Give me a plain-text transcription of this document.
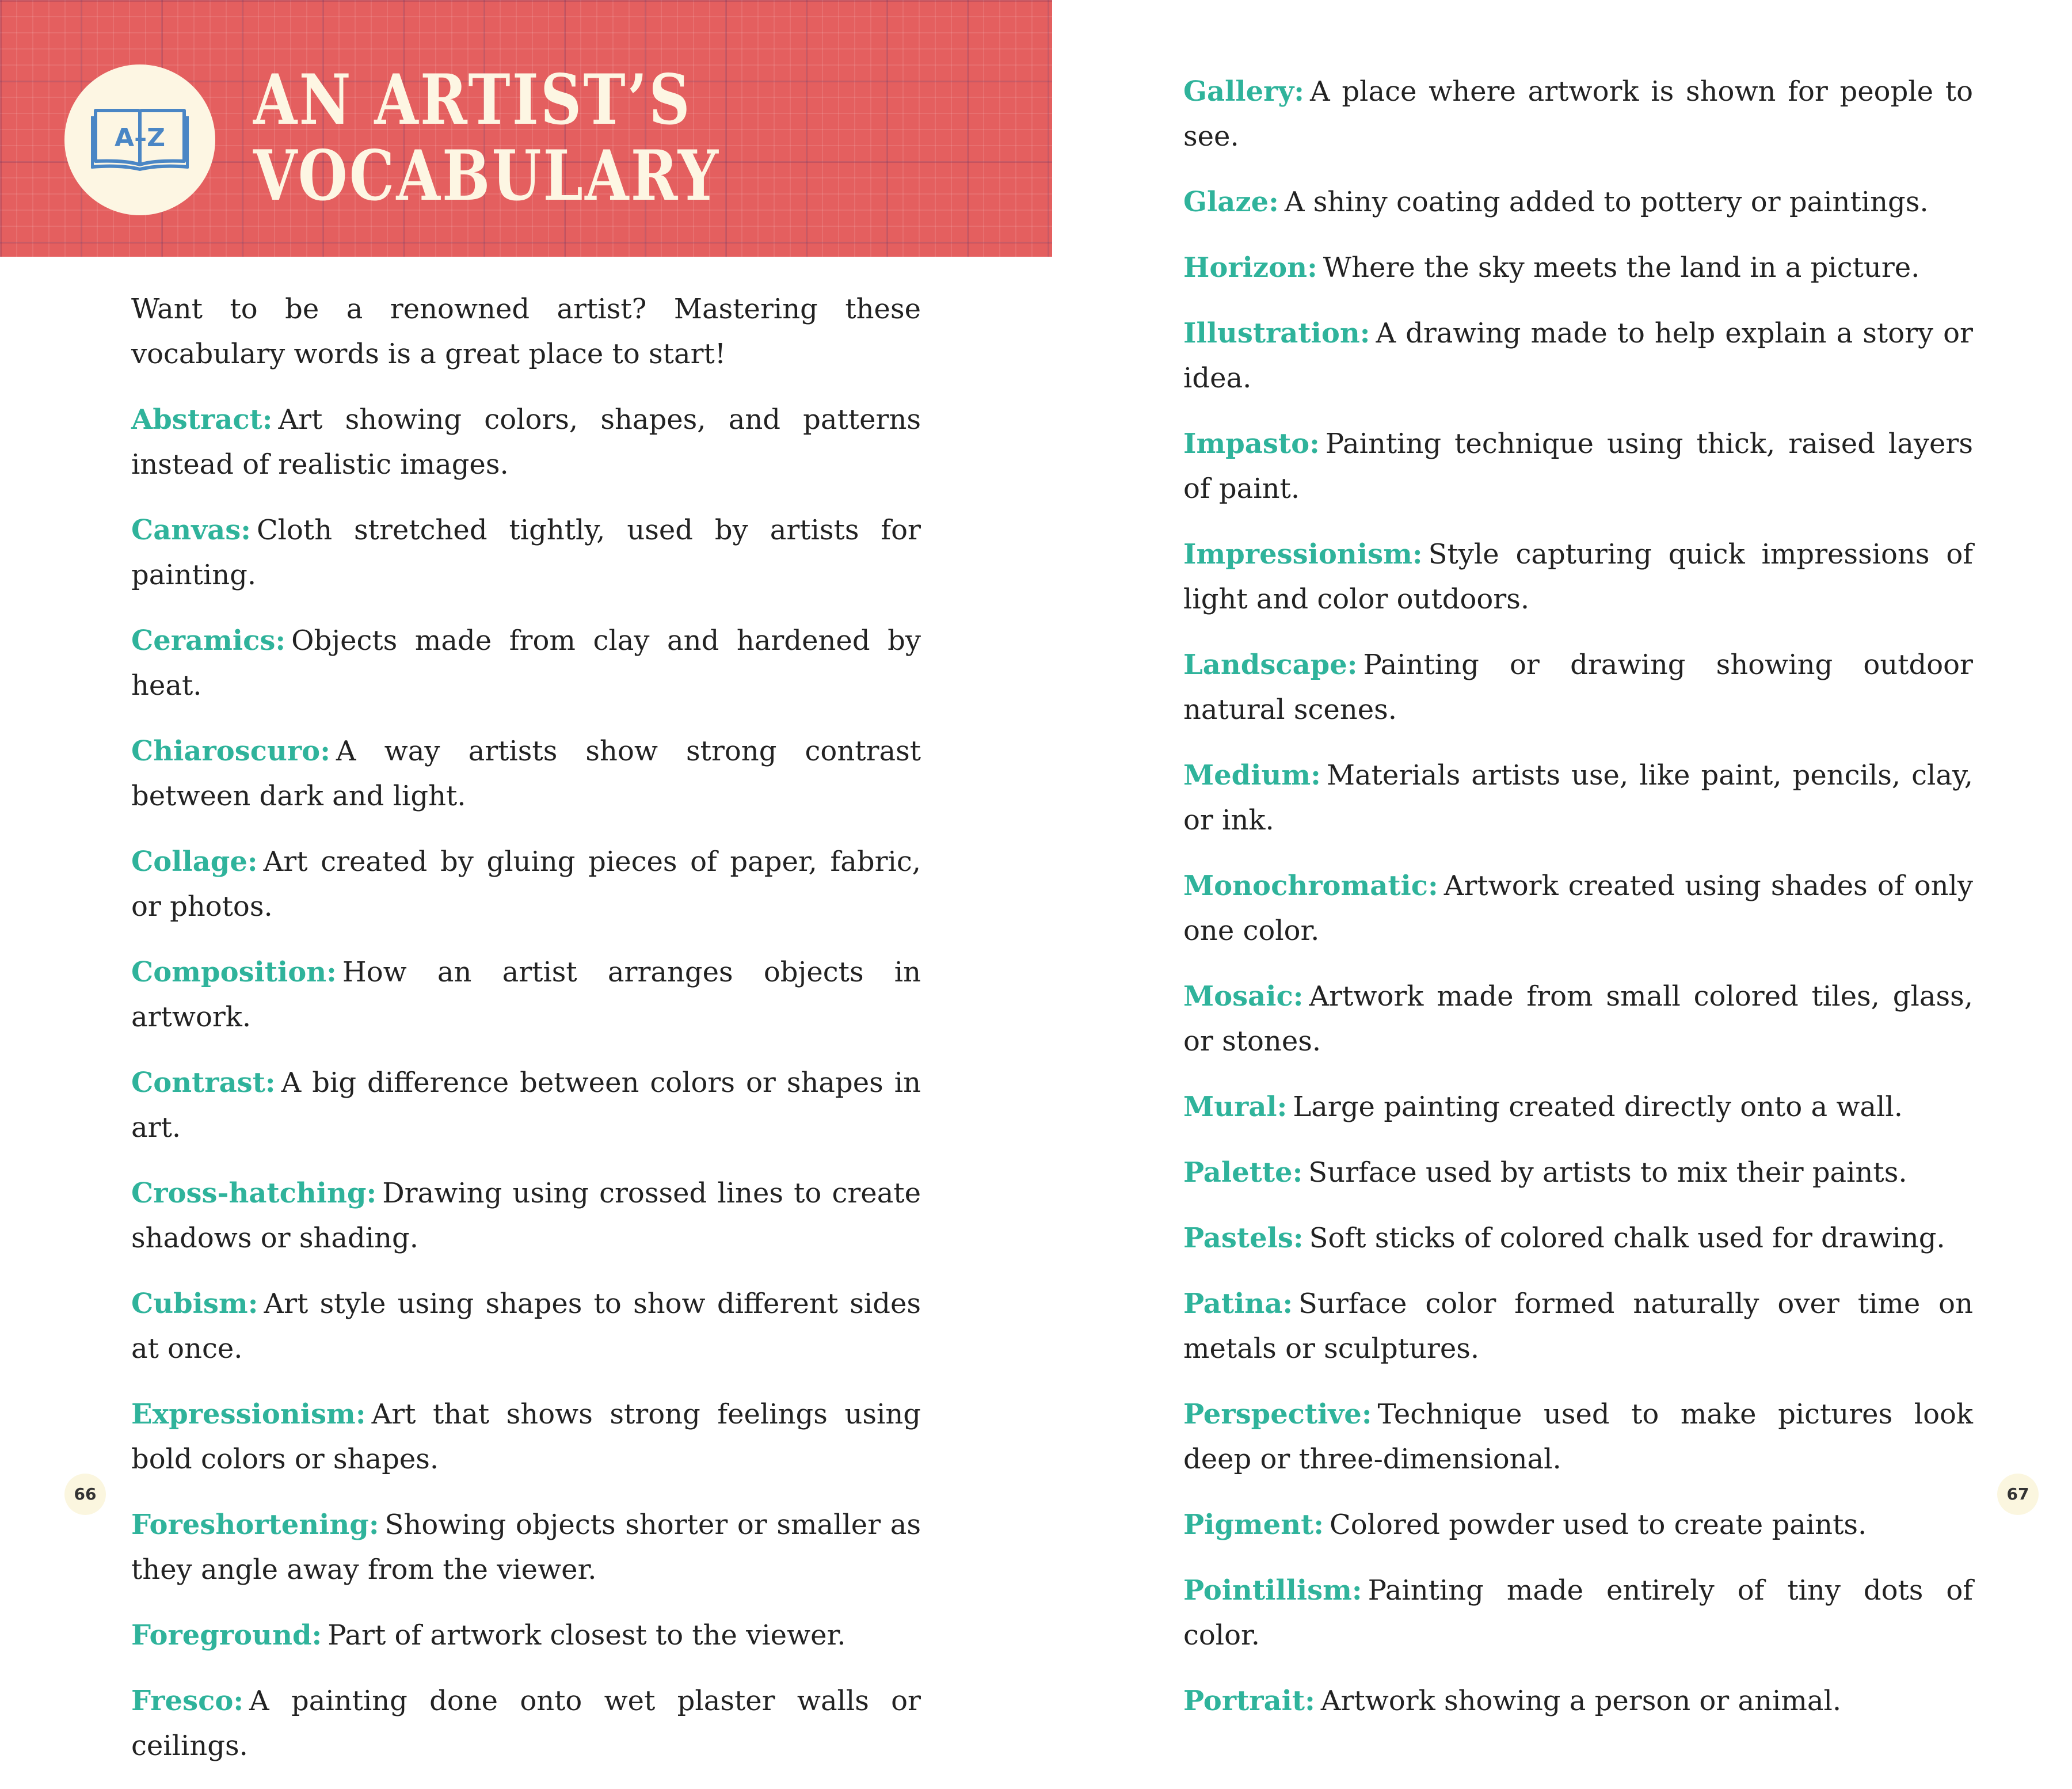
A–Z AN ARTIST’S
VOCABULARY

Want to be a renowned artist? Mastering these vocabulary words is a great place to start!

Abstract: Art showing colors, shapes, and patterns instead of realistic images.

Canvas: Cloth stretched tightly, used by artists for painting.

Ceramics: Objects made from clay and hardened by heat.

Chiaroscuro: A way artists show strong contrast between dark and light.

Collage: Art created by gluing pieces of paper, fabric, or photos.

Composition: How an artist arranges objects in artwork.

Contrast: A big difference between colors or shapes in art.

Cross-hatching: Drawing using crossed lines to create shadows or shading.

Cubism: Art style using shapes to show different sides at once.

Expressionism: Art that shows strong feelings using bold colors or shapes.

Foreshortening: Showing objects shorter or smaller as they angle away from the viewer.

Foreground: Part of artwork closest to the viewer.

Fresco: A painting done onto wet plaster walls or ceilings.

Gallery: A place where artwork is shown for people to see.

Glaze: A shiny coating added to pottery or paintings.

Horizon: Where the sky meets the land in a picture.

Illustration: A drawing made to help explain a story or idea.

Impasto: Painting technique using thick, raised layers of paint.

Impressionism: Style capturing quick impressions of light and color outdoors.

Landscape: Painting or drawing showing outdoor natural scenes.

Medium: Materials artists use, like paint, pencils, clay, or ink.

Monochromatic: Artwork created using shades of only one color.

Mosaic: Artwork made from small colored tiles, glass, or stones.

Mural: Large painting created directly onto a wall.

Palette: Surface used by artists to mix their paints.

Pastels: Soft sticks of colored chalk used for drawing.

Patina: Surface color formed naturally over time on metals or sculptures.

Perspective: Technique used to make pictures look deep or three-dimensional.

Pigment: Colored powder used to create paints.

Pointillism: Painting made entirely of tiny dots of color.

Portrait: Artwork showing a person or animal.

66	67
